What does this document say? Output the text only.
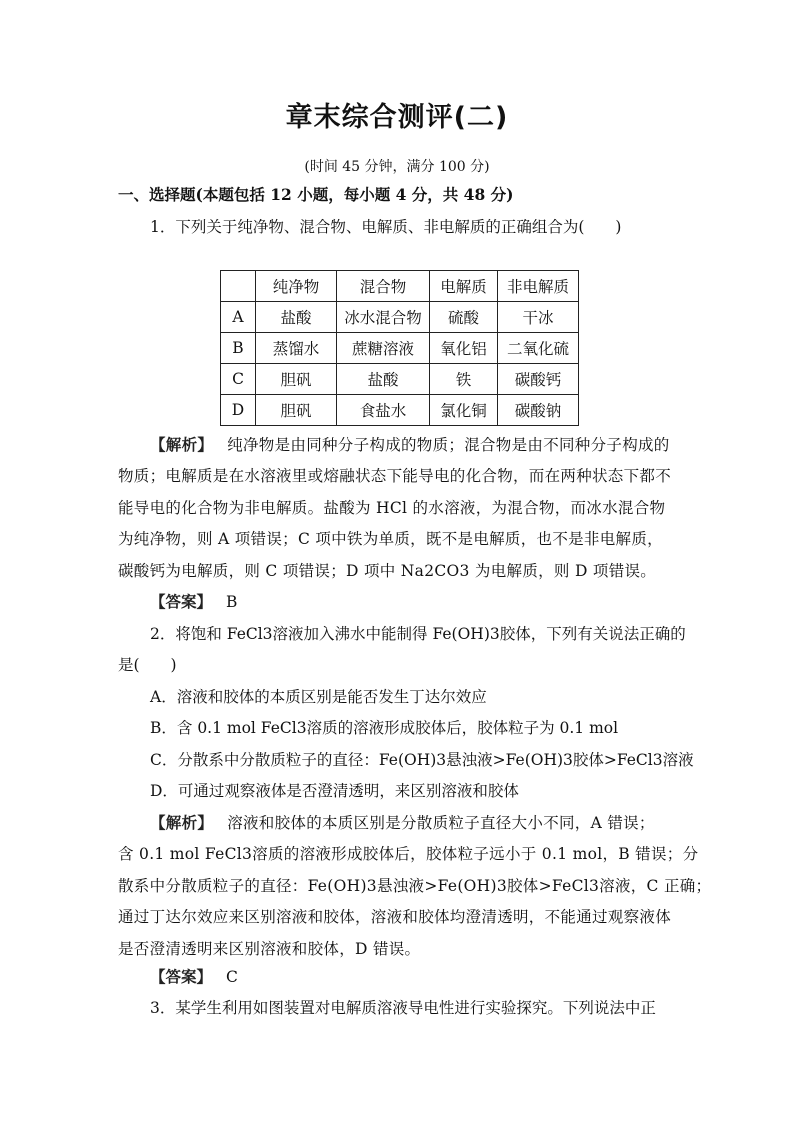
章末综合测评(二)
(时间 45 分钟，满分 100 分)
一、选择题(本题包括 12 小题，每小题 4 分，共 48 分)
1．下列关于纯净物、混合物、电解质、非电解质的正确组合为(　　)
	纯净物	混合物	电解质	非电解质
A	盐酸	冰水混合物	硫酸	干冰
B	蒸馏水	蔗糖溶液	氧化铝	二氧化硫
C	胆矾	盐酸	铁	碳酸钙
D	胆矾	食盐水	氯化铜	碳酸钠
【解析】 纯净物是由同种分子构成的物质；混合物是由不同种分子构成的
物质；电解质是在水溶液里或熔融状态下能导电的化合物，而在两种状态下都不
能导电的化合物为非电解质。盐酸为 HCl 的水溶液，为混合物，而冰水混合物
为纯净物，则 A 项错误；C 项中铁为单质，既不是电解质，也不是非电解质，
碳酸钙为电解质，则 C 项错误；D 项中 Na2CO3 为电解质，则 D 项错误。
【答案】 B
2．将饱和 FeCl3溶液加入沸水中能制得 Fe(OH)3胶体，下列有关说法正确的
是(　　)
A．溶液和胶体的本质区别是能否发生丁达尔效应
B．含 0.1 mol FeCl3溶质的溶液形成胶体后，胶体粒子为 0.1 mol
C．分散系中分散质粒子的直径：Fe(OH)3悬浊液>Fe(OH)3胶体>FeCl3溶液
D．可通过观察液体是否澄清透明，来区别溶液和胶体
【解析】 溶液和胶体的本质区别是分散质粒子直径大小不同，A 错误；
含 0.1 mol FeCl3溶质的溶液形成胶体后，胶体粒子远小于 0.1 mol，B 错误；分
散系中分散质粒子的直径：Fe(OH)3悬浊液>Fe(OH)3胶体>FeCl3溶液，C 正确；
通过丁达尔效应来区别溶液和胶体，溶液和胶体均澄清透明，不能通过观察液体
是否澄清透明来区别溶液和胶体，D 错误。
【答案】 C
3．某学生利用如图装置对电解质溶液导电性进行实验探究。下列说法中正
